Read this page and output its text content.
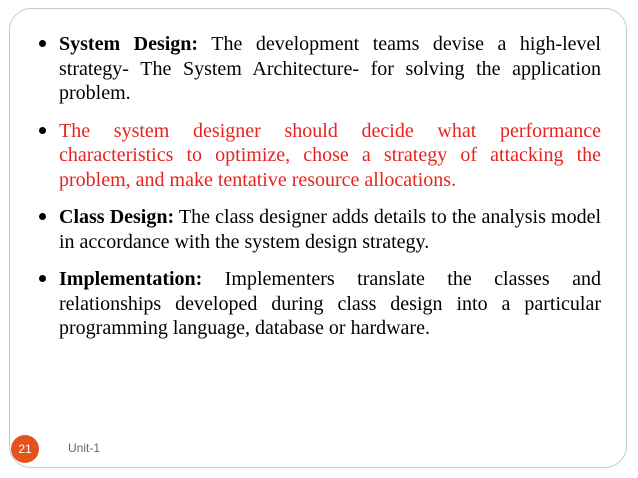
System Design: The development teams devise a high-level strategy- The System Architecture- for solving the application problem.
The system designer should decide what performance characteristics to optimize, chose a strategy of attacking the problem, and make tentative resource allocations.
Class Design: The class designer adds details to the analysis model in accordance with the system design strategy.
Implementation: Implementers translate the classes and relationships developed during class design into a particular programming language, database or hardware.
21	Unit-1
